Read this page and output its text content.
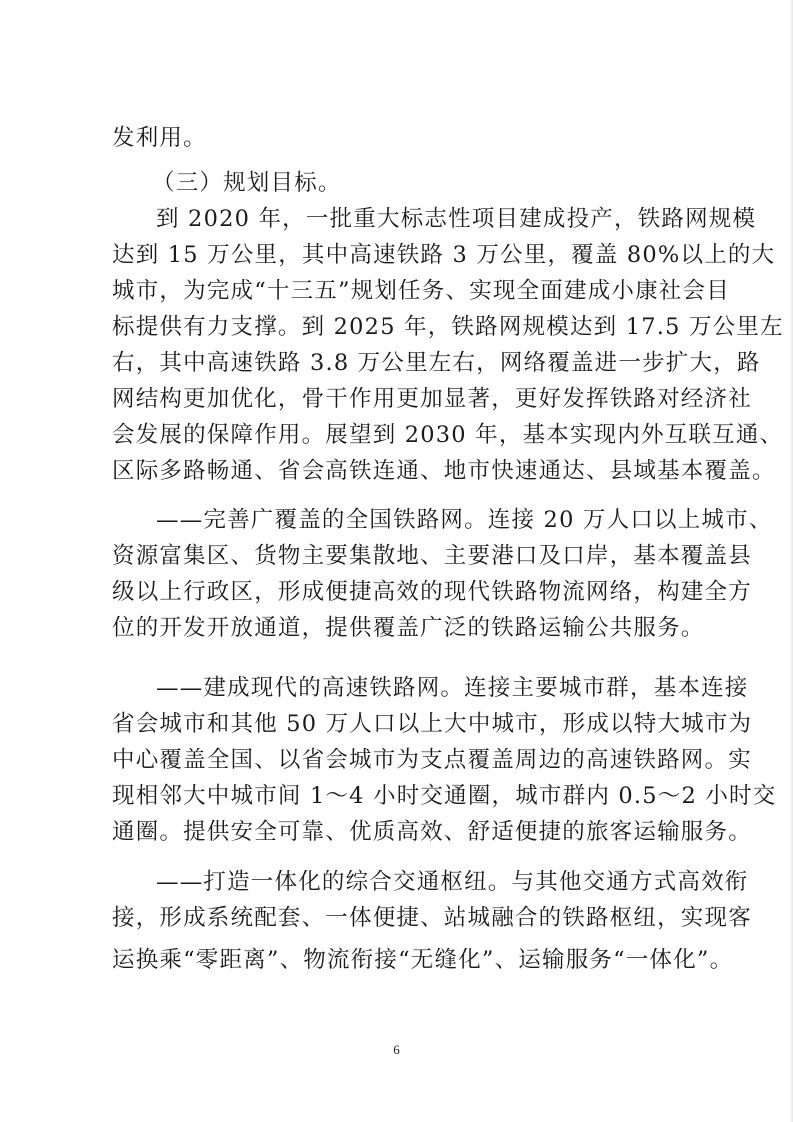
发利用。
（三）规划目标。
到 2020 年，一批重大标志性项目建成投产，铁路网规模
达到 15 万公里，其中高速铁路 3 万公里，覆盖 80%以上的大
城市，为完成“十三五”规划任务、实现全面建成小康社会目
标提供有力支撑。到 2025 年，铁路网规模达到 17.5 万公里左
右，其中高速铁路 3.8 万公里左右，网络覆盖进一步扩大，路
网结构更加优化，骨干作用更加显著，更好发挥铁路对经济社
会发展的保障作用。展望到 2030 年，基本实现内外互联互通、
区际多路畅通、省会高铁连通、地市快速通达、县域基本覆盖。
——完善广覆盖的全国铁路网。连接 20 万人口以上城市、
资源富集区、货物主要集散地、主要港口及口岸，基本覆盖县
级以上行政区，形成便捷高效的现代铁路物流网络，构建全方
位的开发开放通道，提供覆盖广泛的铁路运输公共服务。
——建成现代的高速铁路网。连接主要城市群，基本连接
省会城市和其他 50 万人口以上大中城市，形成以特大城市为
中心覆盖全国、以省会城市为支点覆盖周边的高速铁路网。实
现相邻大中城市间 1～4 小时交通圈，城市群内 0.5～2 小时交
通圈。提供安全可靠、优质高效、舒适便捷的旅客运输服务。
——打造一体化的综合交通枢纽。与其他交通方式高效衔
接，形成系统配套、一体便捷、站城融合的铁路枢纽，实现客
运换乘“零距离”、物流衔接“无缝化”、运输服务“一体化”。
6
